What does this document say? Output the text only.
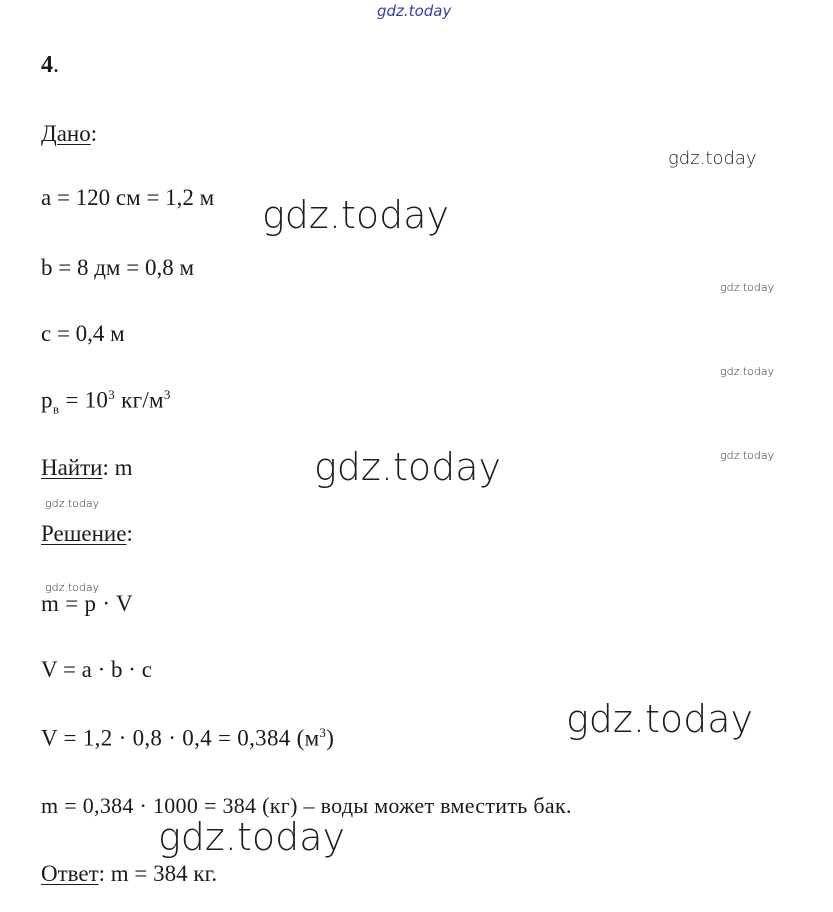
gdz.today
gdz.today
gdz.today
gdz.today
gdz.today
gdz.today
gdz.today
gdz.today
gdz.today
gdz.today
gdz.today
4.
Дано:
a = 120 см = 1,2 м
b = 8 дм = 0,8 м
c = 0,4 м
$p_в = 10^3$ $кг/м^3$
Найти: m
Решение:
m = p · V
V = a · b · c
V = 1,2 · 0,8 · 0,4 = 0,384 $(м^3)$
m = 0,384 · 1000 = 384 (кг) – воды может вместить бак.
Ответ: m = 384 кг.
